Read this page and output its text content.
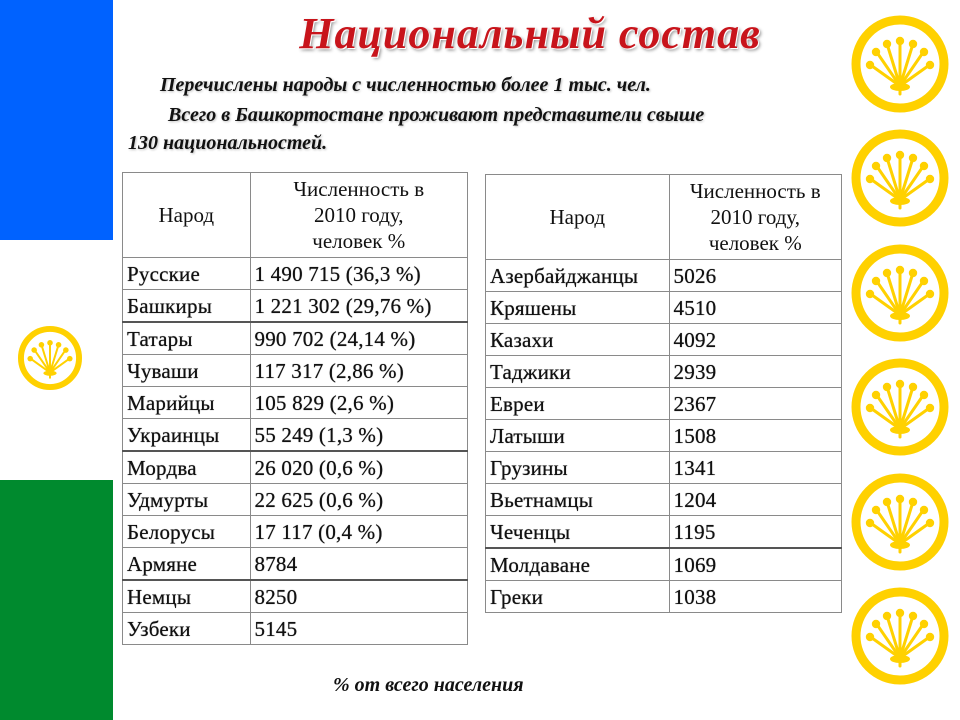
Национальный состав
Перечислены народы с численностью более 1 тыс. чел.
Всего в Башкортостане проживают представители свыше
130 национальностей.
Народ	Численность в
2010 году,
человек %

Русские	1 490 715 (36,3 %)
Башкиры	1 221 302 (29,76 %)
Татары	990 702 (24,14 %)
Чуваши	117 317 (2,86 %)
Марийцы	105 829 (2,6 %)
Украинцы	55 249 (1,3 %)
Мордва	26 020 (0,6 %)
Удмурты	22 625 (0,6 %)
Белорусы	17 117 (0,4 %)
Армяне	8784
Немцы	8250
Узбеки	5145
Народ	Численность в
2010 году,
человек %

Азербайджанцы	5026
Кряшены	4510
Казахи	4092
Таджики	2939
Евреи	2367
Латыши	1508
Грузины	1341
Вьетнамцы	1204
Чеченцы	1195
Молдаване	1069
Греки	1038
% от всего населения
